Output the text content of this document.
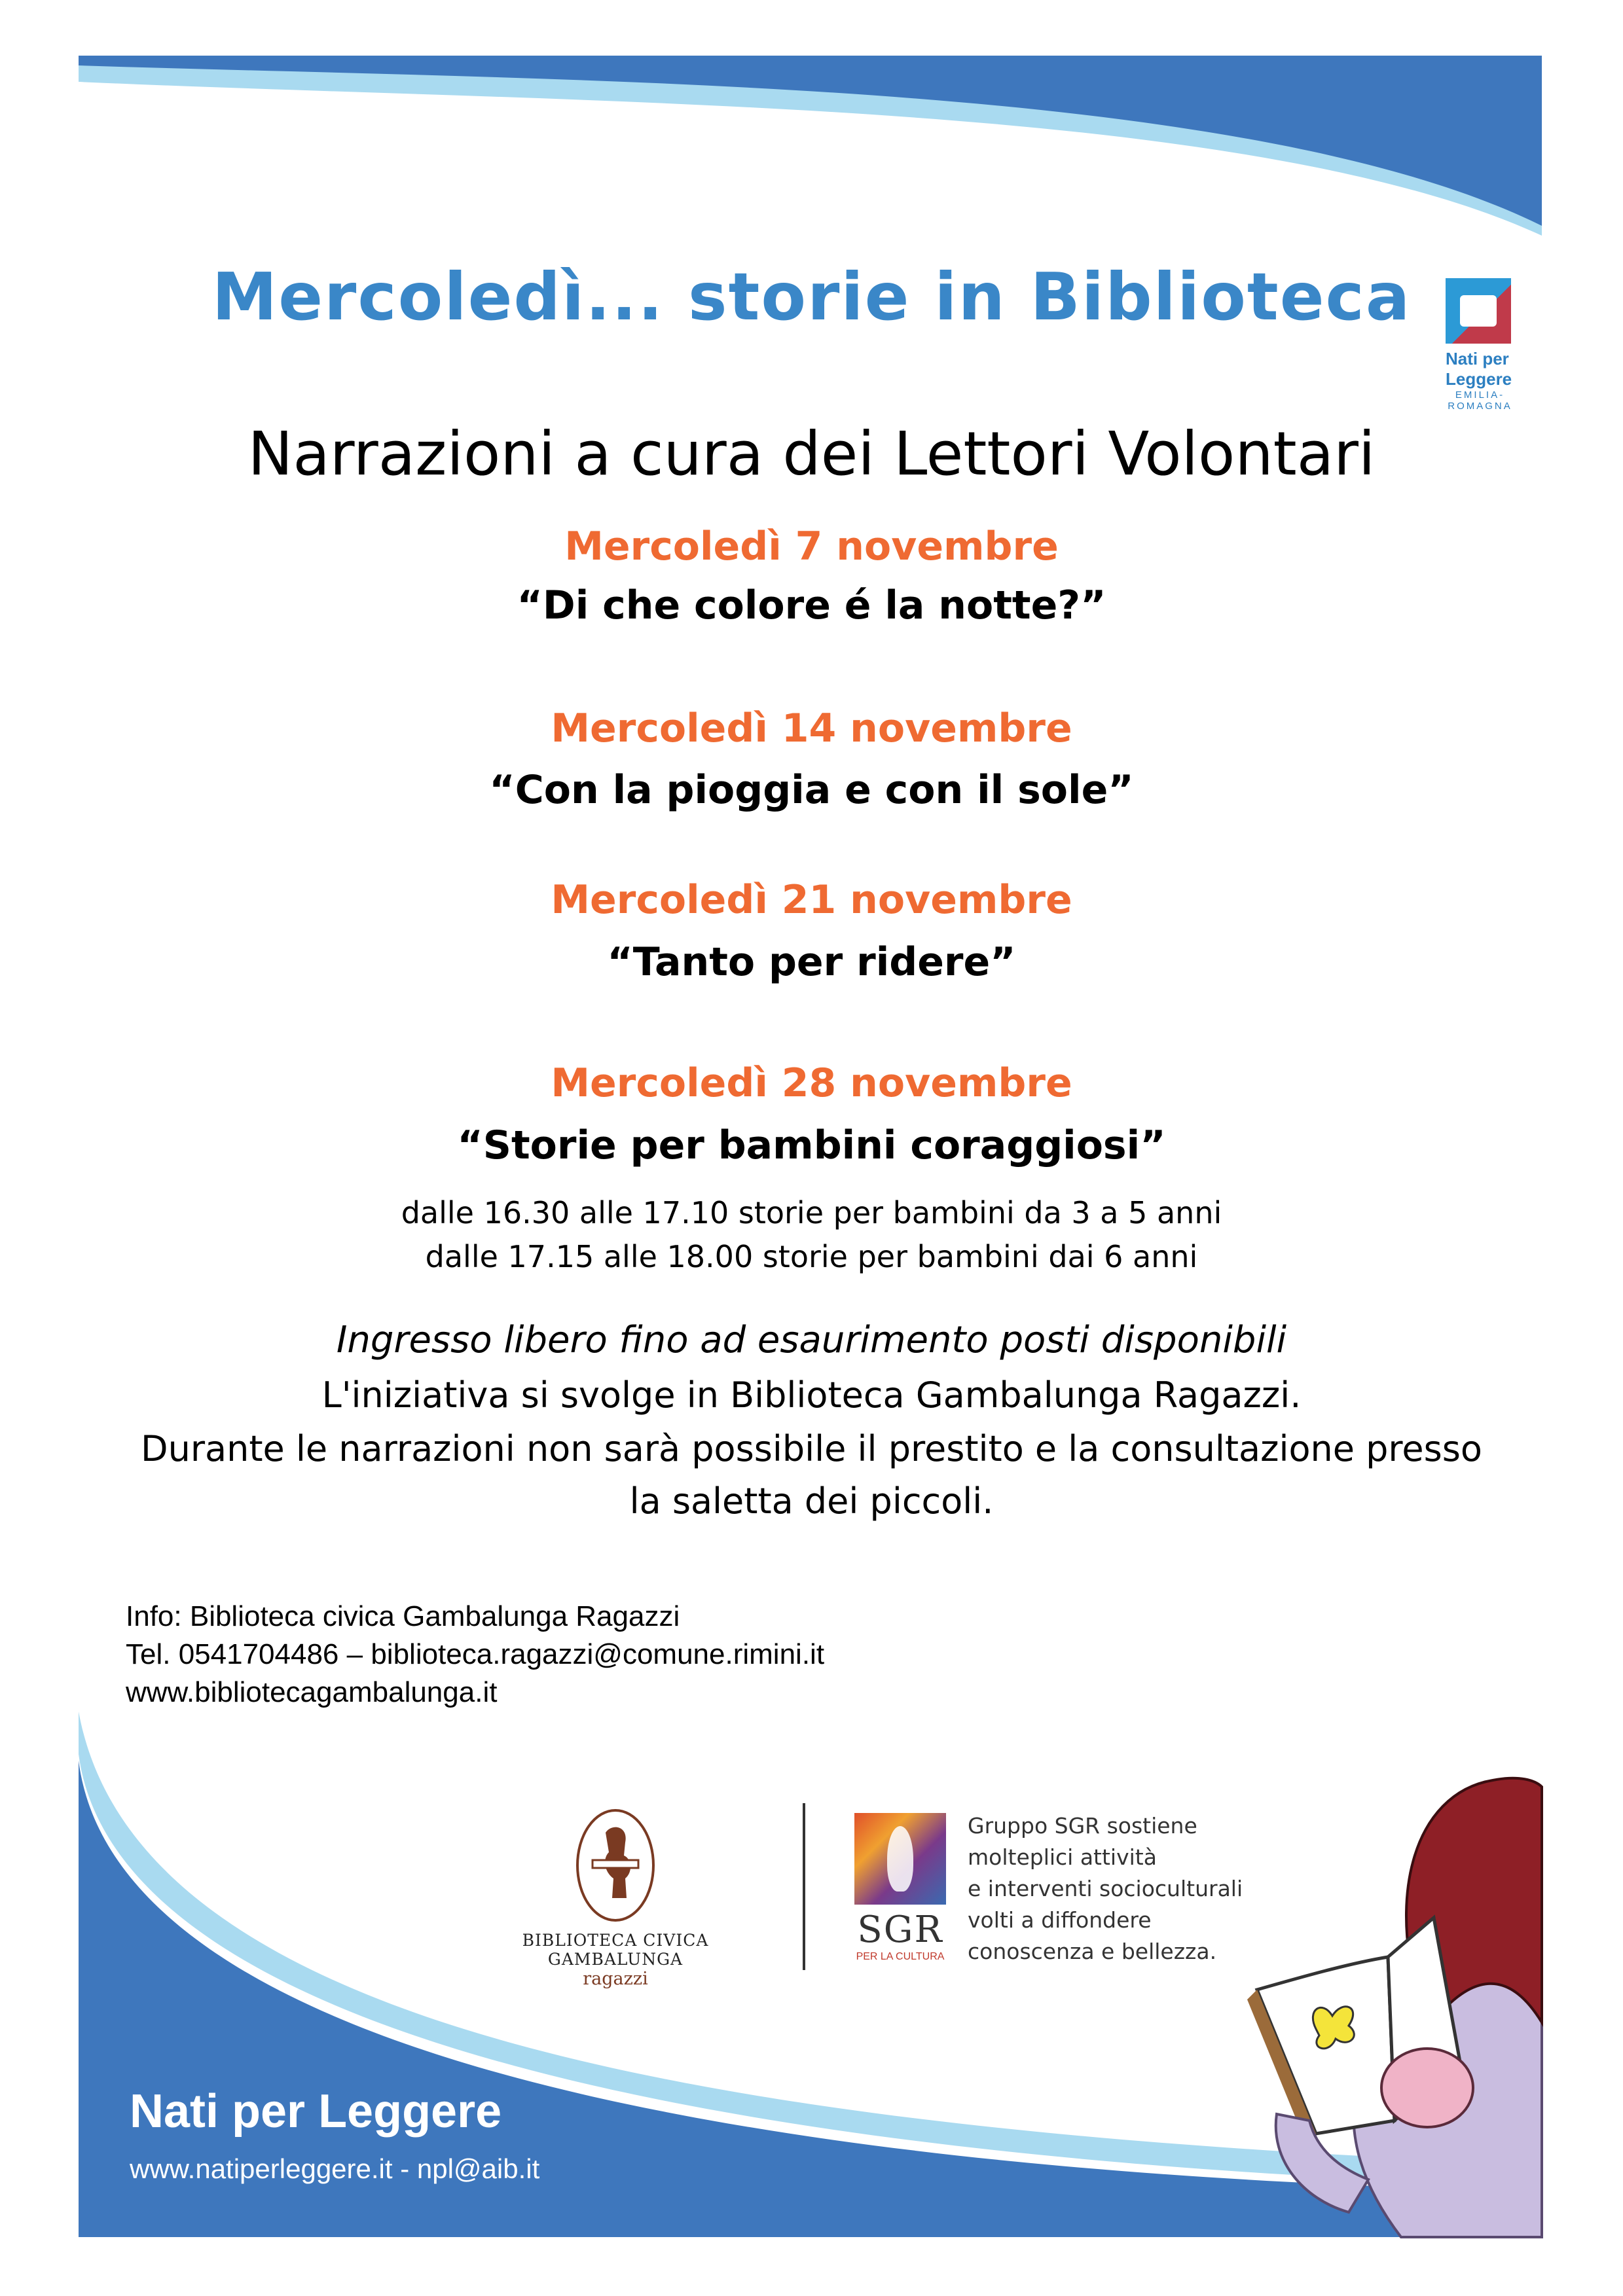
Nati per
Leggere
EMILIA-
ROMAGNA
Mercoledì... storie in Biblioteca
Narrazioni a cura dei Lettori Volontari
Mercoledì 7 novembre
“Di che colore é la notte?”
Mercoledì 14 novembre
“Con la pioggia e con il sole”
Mercoledì 21 novembre
“Tanto per ridere”
Mercoledì 28 novembre
“Storie per bambini coraggiosi”
dalle 16.30 alle 17.10 storie per bambini da 3 a 5 anni
dalle 17.15 alle 18.00 storie per bambini dai 6 anni
Ingresso libero fino ad esaurimento posti disponibili
L'iniziativa si svolge in Biblioteca Gambalunga Ragazzi.
Durante le narrazioni non sarà possibile il prestito e la consultazione presso
la saletta dei piccoli.
Info: Biblioteca civica Gambalunga Ragazzi
Tel. 0541704486 – biblioteca.ragazzi@comune.rimini.it
www.bibliotecagambalunga.it
BIBLIOTECA CIVICA GAMBALUNGA
ragazzi
SGR
PER LA CULTURA
Gruppo SGR sostiene
molteplici attività
e interventi socioculturali
volti a diffondere
conoscenza e bellezza.
Nati per Leggere
www.natiperleggere.it - npl@aib.it
